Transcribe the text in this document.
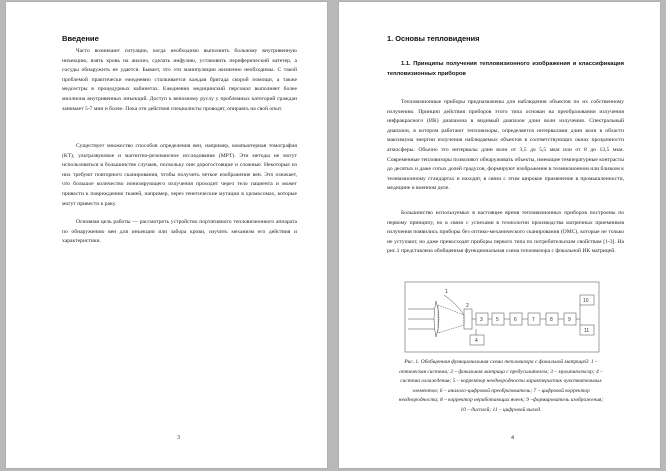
Введение
Часто возникают ситуации, когда необходимо выполнить больному внутривенную инъекцию, взять кровь на анализ, сделать инфузию, установить периферический катетер, а сосуды обнаружить не удается. Бывает, что эти манипуляции жизненно необходимы. С такой проблемой практически ежедневно сталкивается каждая бригада скорой помощи, а также медсестры в процедурных кабинетах. Ежедневно медицинский персонал выполняет более миллиона внутривенных инъекций. Доступ к венозному руслу у проблемных категорий граждан занимает 5-7 мин и более. Пока эти действия специалисты проводят, опираясь на свой опыт.
Существует множество способов определения вен, например, компьютерная томография (КТ), ультразвуковое и магнитно-резонансное исследование (МРТ). Эти методы не могут использоваться в большинстве случаев, поскольку они дорогостоящие и сложные. Некоторые из них требуют повторного сканирования, чтобы получить четкое изображение вен. Это означает, что большое количество ионизирующего излучения проходит через тело пациента и может привести к повреждению тканей, например, через генетические мутации в хромосомах, которые могут привести к раку.
Основная цель работы — рассмотреть устройство портативного тепловизионного аппарата по обнаружению вен для инъекции или забора крови, изучить механизм его действия и характеристики.
3
1. Основы тепловидения
1.1. Принципы получения тепловизионного изображения и классификация тепловизионных приборов
Тепловизионные приборы предназначены для наблюдения объектов по их собственному излучению. Принцип действия приборов этого типа основан на преобразовании излучения инфракрасного (ИК) диапазона в видимый диапазон длин волн излучения. Спектральный диапазон, в котором работают тепловизоры, определяется интервалами длин волн в области максимума энергии излучения наблюдаемых объектов в соответствующих окнах прозрачности атмосферы. Обычно это интервалы длин волн от 3,5 до 5,5 мкм или от 8 до 13,5 мкм. Современные тепловизоры позволяют обнаруживать объекты, имеющие температурные контрасты до десятых и даже сотых долей градусов, формируют изображение в телевизионном или близком к телевизионному стандартах и находят, в связи с этим широкое применение в промышленности, медицине и военном деле.
Большинство используемых в настоящее время тепловизионных приборов построены по первому принципу, но в связи с успехами в технологии производства матричных приемников излучения появились приборы без оптико-механического сканирования (ОМС), которые не только не уступают, но даже превосходят приборы первого типа по потребительским свойствам [1-3]. На рис.1 представлена обобщенная функциональная схема тепловизора с фокальной ИК матрицей.
1
2
3
4
5	6	7	8	9
10
11
Рис. 1. Обобщенная функциональная схема тепловизора с фокальной матрицей: 1 – оптическая система; 2 – фокальная матрица с предусилителем; 3 – мультиплексор; 4 – система охлаждения; 5 – корректор неоднородности характеристик чувствительных элементов; 6 – аналого-цифровой преобразователь; 7 – цифровой корректор неоднородности; 8 – корректор неработающих ячеек; 9 –формирователь изображения; 10 – дисплей; 11 – цифровой выход.
4
